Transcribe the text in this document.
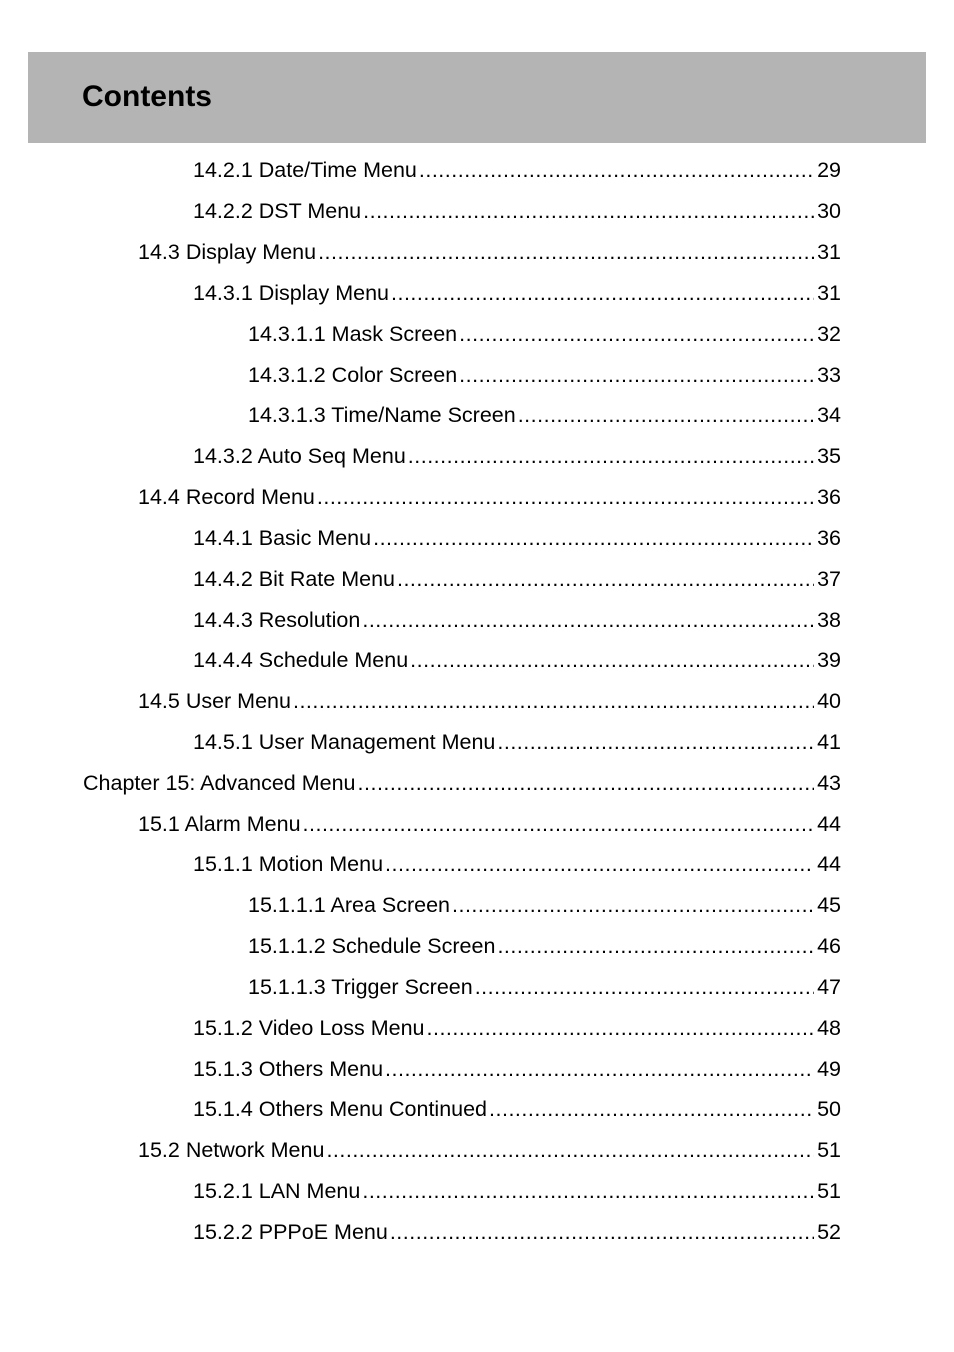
Contents
14.2.1 Date/Time Menu .....	29
14.2.2 DST Menu .....	30
14.3 Display Menu .....	31
14.3.1 Display Menu .....	31
14.3.1.1 Mask Screen .....	32
14.3.1.2 Color Screen .....	33
14.3.1.3 Time/Name Screen .....	34
14.3.2 Auto Seq Menu .....	35
14.4 Record Menu .....	36
14.4.1 Basic Menu .....	36
14.4.2 Bit Rate Menu .....	37
14.4.3 Resolution .....	38
14.4.4 Schedule Menu .....	39
14.5 User Menu .....	40
14.5.1 User Management Menu .....	41
Chapter 15: Advanced Menu .....	43
15.1 Alarm Menu .....	44
15.1.1 Motion Menu .....	44
15.1.1.1 Area Screen .....	45
15.1.1.2 Schedule Screen .....	46
15.1.1.3 Trigger Screen .....	47
15.1.2 Video Loss Menu .....	48
15.1.3 Others Menu .....	49
15.1.4 Others Menu Continued .....	50
15.2 Network Menu .....	51
15.2.1 LAN Menu .....	51
15.2.2 PPPoE Menu .....	52
